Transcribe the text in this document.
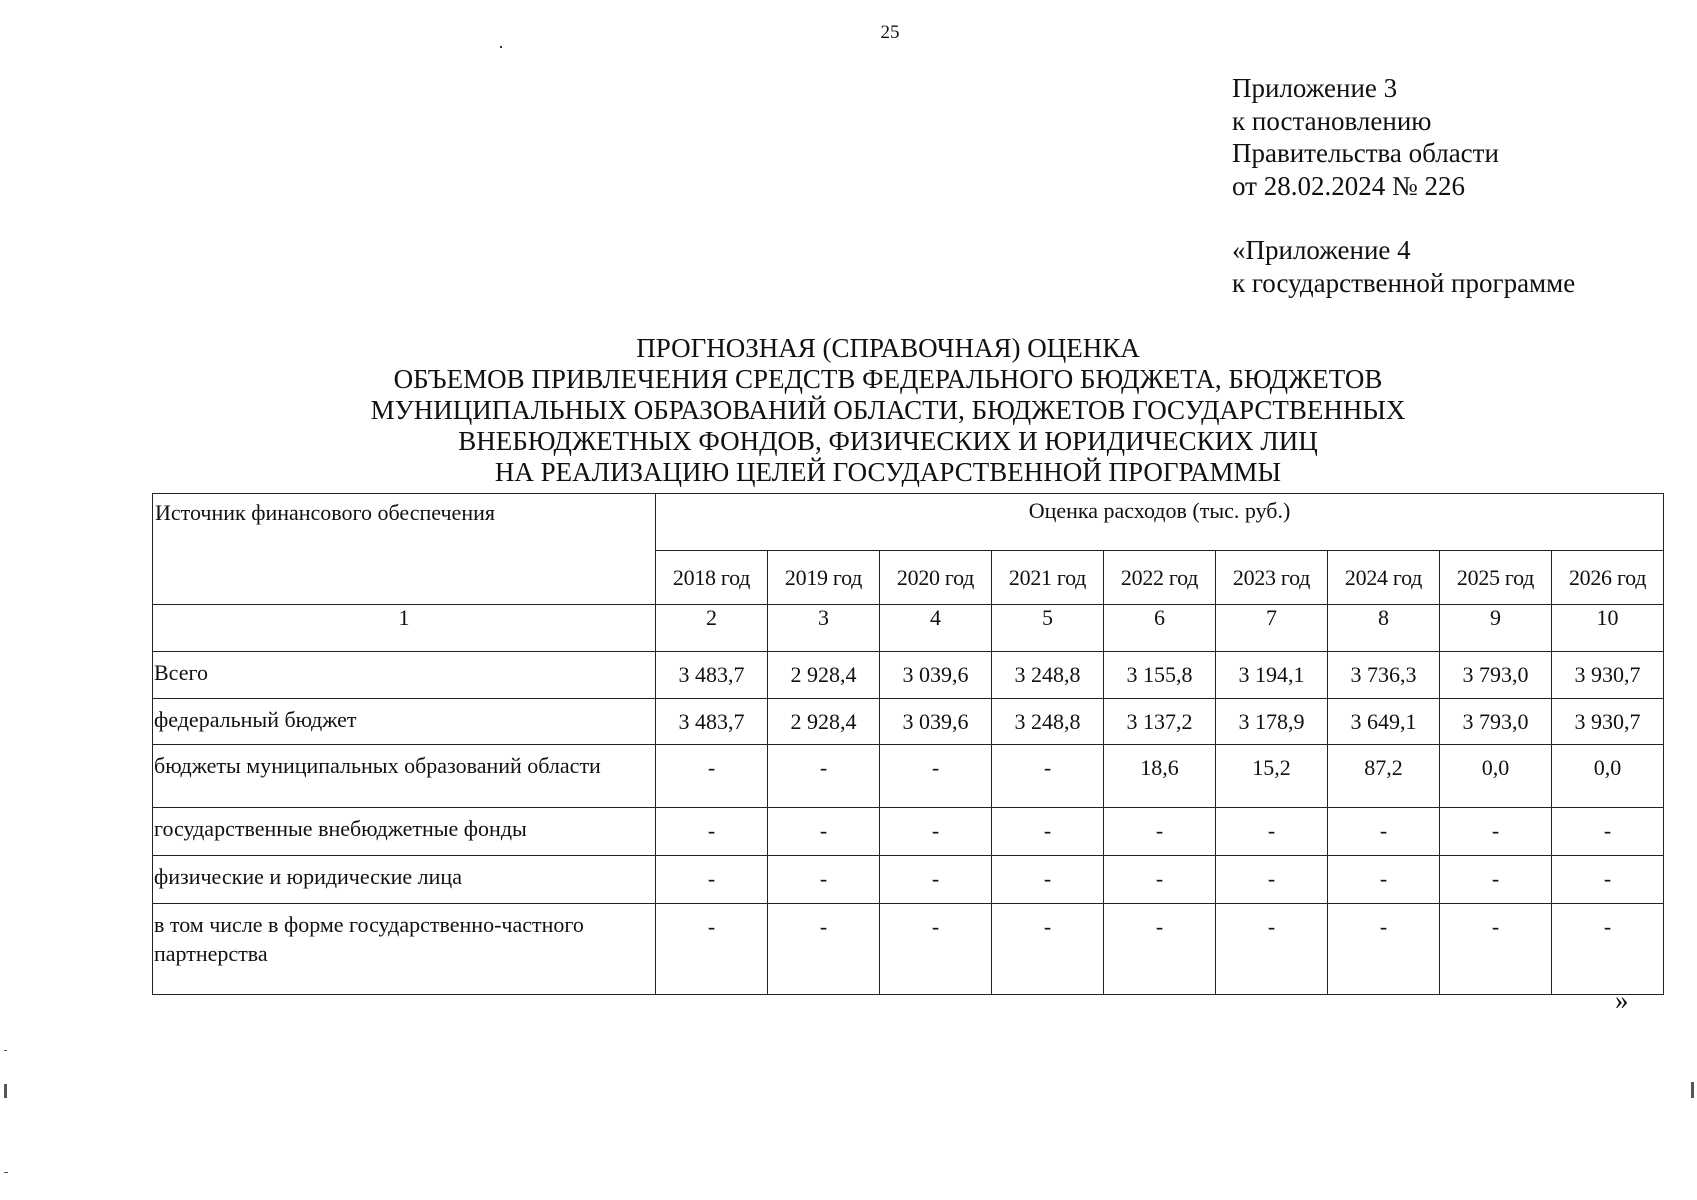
25
Приложение 3
к постановлению
Правительства области
от 28.02.2024 № 226
«Приложение 4
к государственной программе
ПРОГНОЗНАЯ (СПРАВОЧНАЯ) ОЦЕНКА
ОБЪЕМОВ ПРИВЛЕЧЕНИЯ СРЕДСТВ ФЕДЕРАЛЬНОГО БЮДЖЕТА, БЮДЖЕТОВ
МУНИЦИПАЛЬНЫХ ОБРАЗОВАНИЙ ОБЛАСТИ, БЮДЖЕТОВ ГОСУДАРСТВЕННЫХ
ВНЕБЮДЖЕТНЫХ ФОНДОВ, ФИЗИЧЕСКИХ И ЮРИДИЧЕСКИХ ЛИЦ
НА РЕАЛИЗАЦИЮ ЦЕЛЕЙ ГОСУДАРСТВЕННОЙ ПРОГРАММЫ
Источник финансового обеспечения	Оценка расходов (тыс. руб.)								
	2018 год	2019 год	2020 год	2021 год	2022 год	2023 год	2024 год	2025 год	2026 год
1	2	3	4	5	6	7	8	9	10
Всего	3 483,7	2 928,4	3 039,6	3 248,8	3 155,8	3 194,1	3 736,3	3 793,0	3 930,7
федеральный бюджет	3 483,7	2 928,4	3 039,6	3 248,8	3 137,2	3 178,9	3 649,1	3 793,0	3 930,7
бюджеты муниципальных образований области	-	-	-	-	18,6	15,2	87,2	0,0	0,0
государственные внебюджетные фонды	-	-	-	-	-	-	-	-	-
физические и юридические лица	-	-	-	-	-	-	-	-	-
в том числе в форме государственно-частного партнерства	-	-	-	-	-	-	-	-	-
»
